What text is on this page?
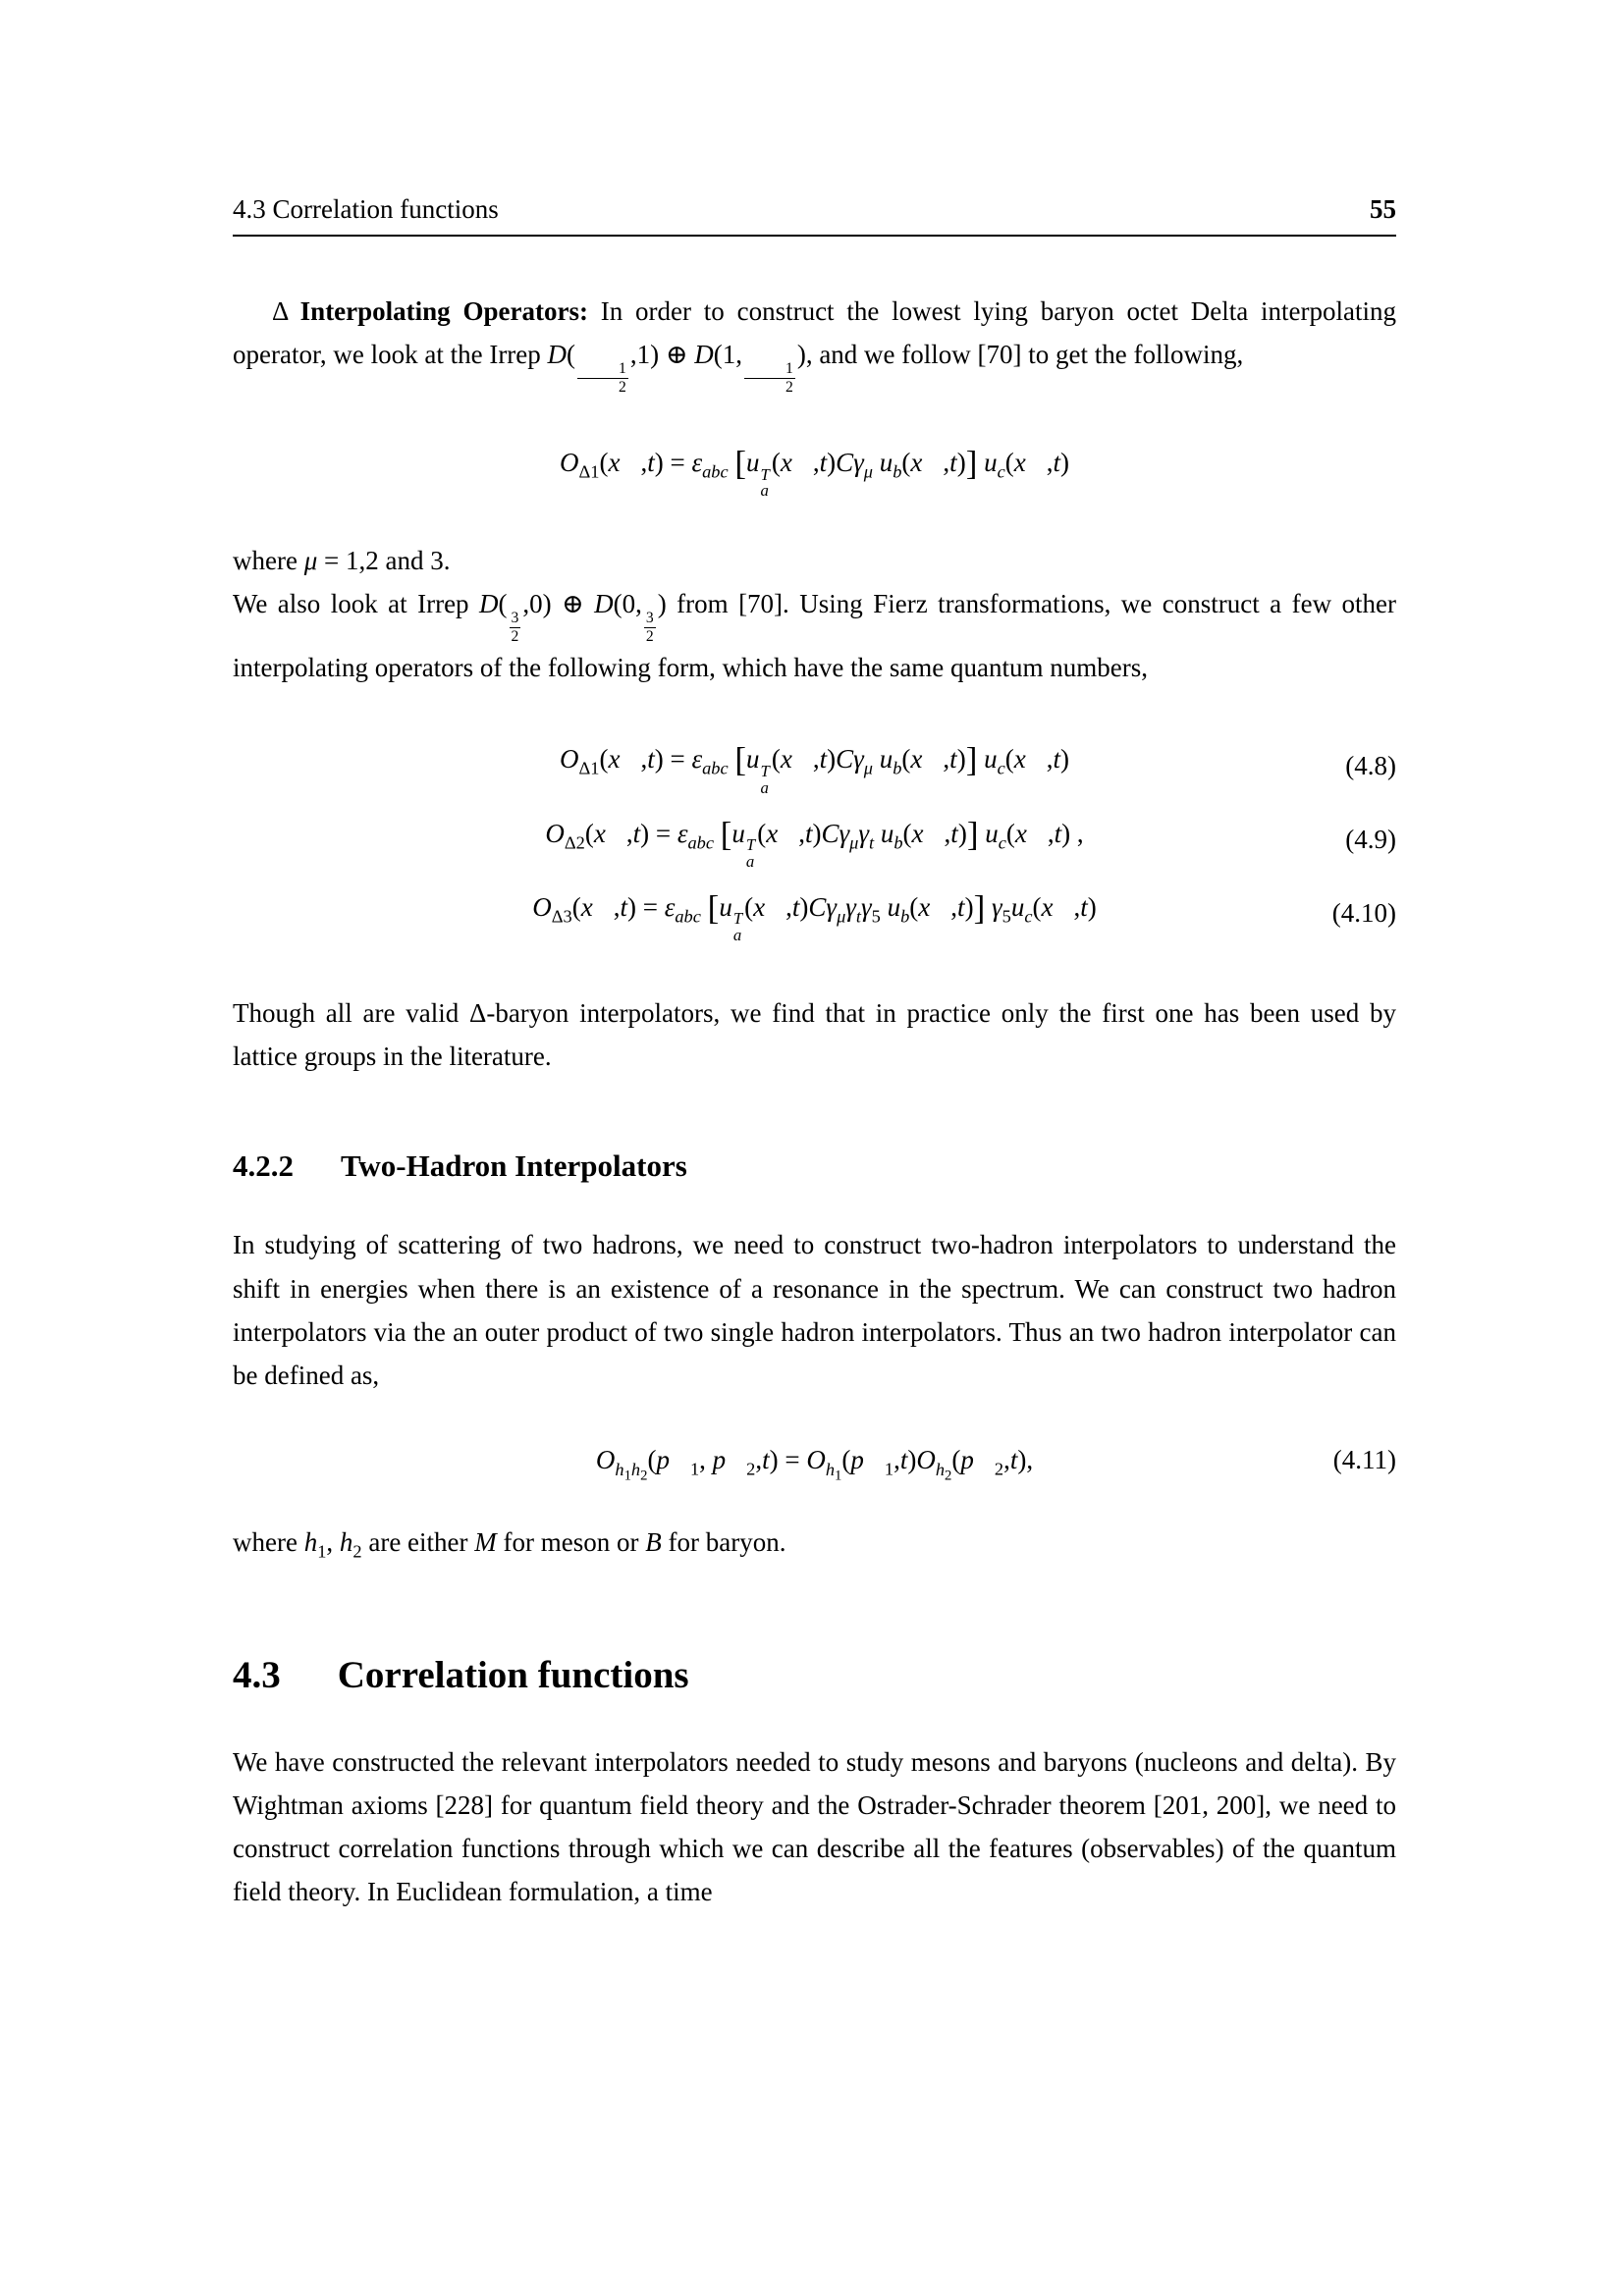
4.3 Correlation functions	55

Δ Interpolating Operators: In order to construct the lowest lying baryon octet Delta interpolating operator, we look at the Irrep D(
$\frac{1}{2}$
,1) ⊕ D(1,
$\frac{1}{2}$
), and we follow [70] to get the following,

$O_{\Delta 1}(x⃗,t) = \varepsilon_{abc}$ [u T
a
$(x⃗,t)C\gamma_\mu$ $u_b(x⃗,t)$] $u_c(x⃗,t)$

where μ = 1,2 and 3.

We also look at Irrep D(
$\frac{3}{2}$
,0) ⊕ D(0,
$\frac{3}{2}$
) from [70]. Using Fierz transformations, we construct a few other interpolating operators of the following form, which have the same quantum numbers,

$O_{\Delta 1}(x⃗,t) = \varepsilon_{abc}$ [u T
a
$(x⃗,t)C\gamma_\mu$ $u_b(x⃗,t)$] $u_c(x⃗,t)$	(4.8)
$O_{\Delta 2}(x⃗,t) = \varepsilon_{abc}$ [u T
a
$(x⃗,t)C\gamma_\mu\gamma_t$ $u_b(x⃗,t)$] $u_c(x⃗,t)$ ,	(4.9)
$O_{\Delta 3}(x⃗,t) = \varepsilon_{abc}$ [u T
a
$(x⃗,t)C\gamma_\mu\gamma_t\gamma_5$ $u_b(x⃗,t)$] $\gamma_5u_c(x⃗,t)$	(4.10)

Though all are valid Δ-baryon interpolators, we find that in practice only the first one has been used by lattice groups in the literature.

4.2.2 Two-Hadron Interpolators

In studying of scattering of two hadrons, we need to construct two-hadron interpolators to understand the shift in energies when there is an existence of a resonance in the spectrum. We can construct two hadron interpolators via the an outer product of two single hadron interpolators. Thus an two hadron interpolator can be defined as,

$O_{h_1h_2}(p⃗_1$, $p⃗_2,t$) = $O_{h_1}(p⃗_1,t)O_{h_2}(p⃗_2,t)$,	(4.11)

where $h_1$, $h_2$ are either M for meson or B for baryon.

4.3 Correlation functions

We have constructed the relevant interpolators needed to study mesons and baryons (nucleons and delta). By Wightman axioms [228] for quantum field theory and the Ostrader-Schrader theorem [201, 200], we need to construct correlation functions through which we can describe all the features (observables) of the quantum field theory. In Euclidean formulation, a time
